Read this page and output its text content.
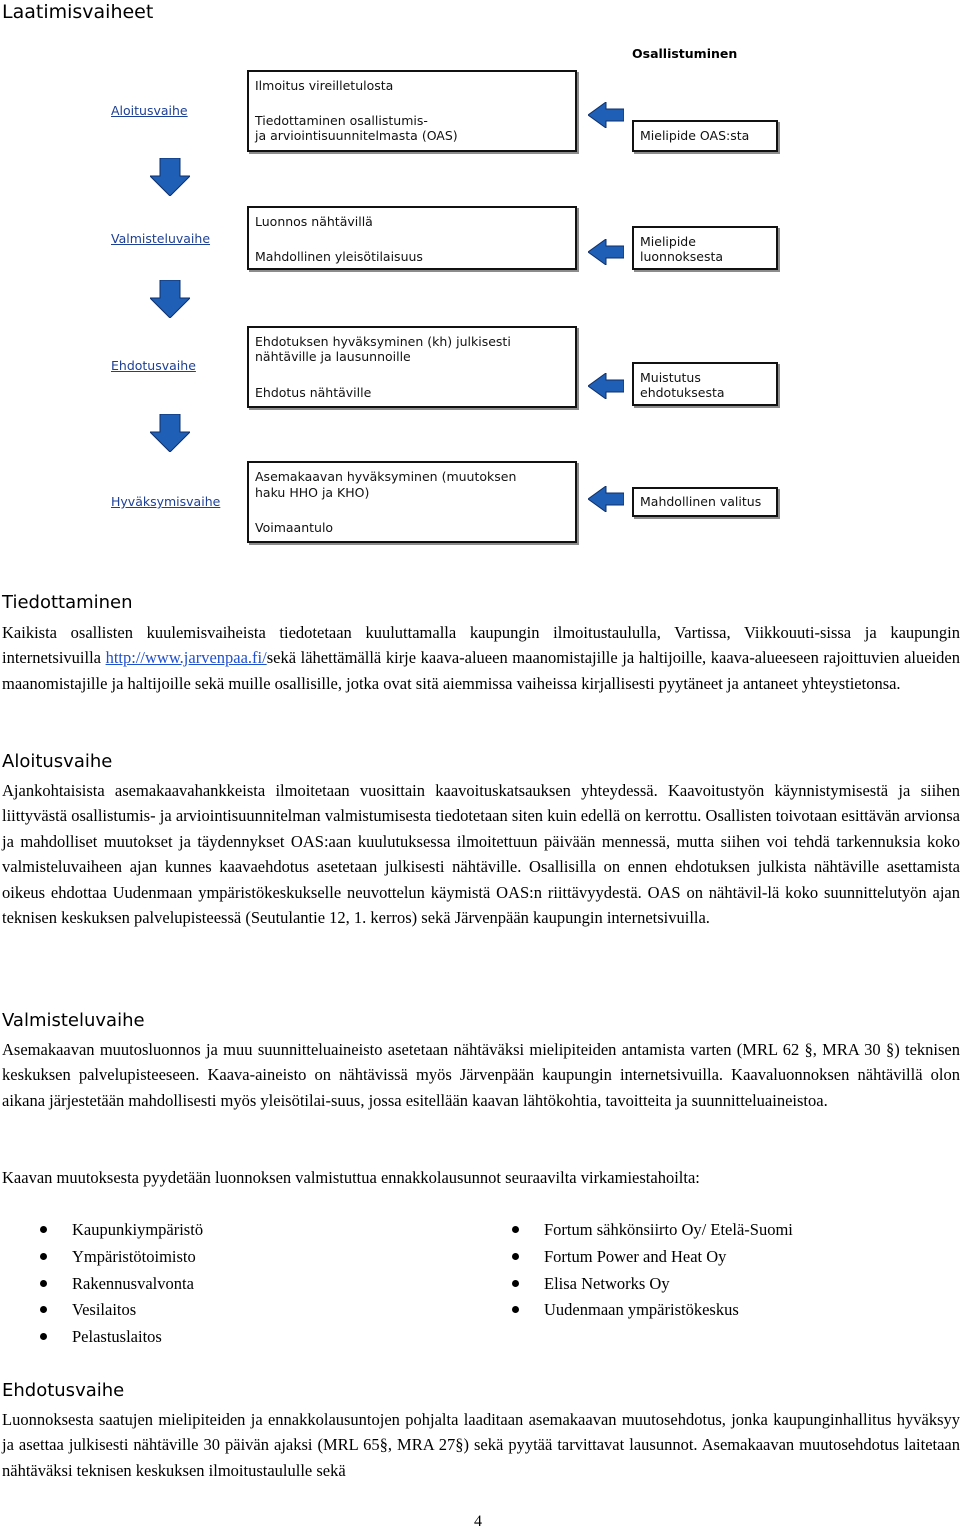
Laatimisvaiheet
Osallistuminen
Aloitusvaihe
Ilmoitus vireilletulosta
Tiedottaminen osallistumis-
ja arviointisuunnitelmasta (OAS)	Mielipide OAS:sta
Valmisteluvaihe
Luonnos nähtävillä
Mahdollinen yleisötilaisuus
Mielipide
luonnoksesta
Ehdotusvaihe
Ehdotuksen hyväksyminen (kh) julkisesti
nähtäville ja lausunnoille
Ehdotus nähtäville
Muistutus
ehdotuksesta
Hyväksymisvaihe
Asemakaavan hyväksyminen (muutoksen
haku HHO ja KHO)
Voimaantulo
Mahdollinen valitus
Tiedottaminen
Kaikista osallisten kuulemisvaiheista tiedotetaan kuuluttamalla kaupungin ilmoitustaululla, Vartissa, Viikkouuti-sissa ja kaupungin internetsivuilla http://www.jarvenpaa.fi/sekä lähettämällä kirje kaava-alueen maanomistajille ja haltijoille, kaava-alueeseen rajoittuvien alueiden maanomistajille ja haltijoille sekä muille osallisille, jotka ovat sitä aiemmissa vaiheissa kirjallisesti pyytäneet ja antaneet yhteystietonsa.
Aloitusvaihe
Ajankohtaisista asemakaavahankkeista ilmoitetaan vuosittain kaavoituskatsauksen yhteydessä. Kaavoitustyön käynnistymisestä ja siihen liittyvästä osallistumis- ja arviointisuunnitelman valmistumisesta tiedotetaan siten kuin edellä on kerrottu. Osallisten toivotaan esittävän arvionsa ja mahdolliset muutokset ja täydennykset OAS:aan kuulutuksessa ilmoitettuun päivään mennessä, mutta siihen voi tehdä tarkennuksia koko valmisteluvaiheen ajan kunnes kaavaehdotus asetetaan julkisesti nähtäville. Osallisilla on ennen ehdotuksen julkista nähtäville asettamista oikeus ehdottaa Uudenmaan ympäristökeskukselle neuvottelun käymistä OAS:n riittävyydestä. OAS on nähtävil-lä koko suunnittelutyön ajan teknisen keskuksen palvelupisteessä (Seutulantie 12, 1. kerros) sekä Järvenpään kaupungin internetsivuilla.
Valmisteluvaihe
Asemakaavan muutosluonnos ja muu suunnitteluaineisto asetetaan nähtäväksi mielipiteiden antamista varten (MRL 62 §, MRA 30 §) teknisen keskuksen palvelupisteeseen. Kaava-aineisto on nähtävissä myös Järvenpään kaupungin internetsivuilla. Kaavaluonnoksen nähtävillä olon aikana järjestetään mahdollisesti myös yleisötilai-suus, jossa esitellään kaavan lähtökohtia, tavoitteita ja suunnitteluaineistoa.
Kaavan muutoksesta pyydetään luonnoksen valmistuttua ennakkolausunnot seuraavilta virkamiestahoilta:
Kaupunkiympäristö
Ympäristötoimisto
Rakennusvalvonta
Vesilaitos
Pelastuslaitos
Fortum sähkönsiirto Oy/ Etelä-Suomi
Fortum Power and Heat Oy
Elisa Networks Oy
Uudenmaan ympäristökeskus
Ehdotusvaihe
Luonnoksesta saatujen mielipiteiden ja ennakkolausuntojen pohjalta laaditaan asemakaavan muutosehdotus, jonka kaupunginhallitus hyväksyy ja asettaa julkisesti nähtäville 30 päivän ajaksi (MRL 65§, MRA 27§) sekä pyytää tarvittavat lausunnot. Asemakaavan muutosehdotus laitetaan nähtäväksi teknisen keskuksen ilmoitustaululle sekä
4
